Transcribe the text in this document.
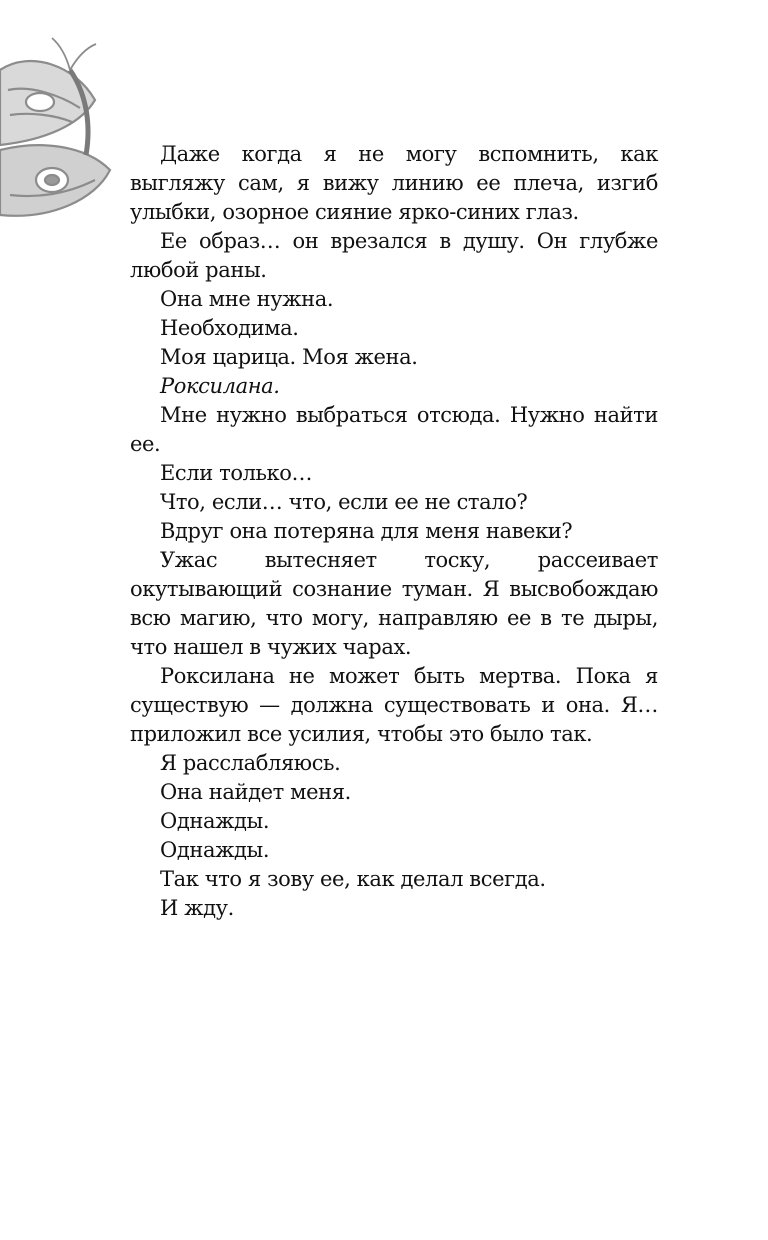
Даже когда я не могу вспомнить, как выгляжу сам, я вижу линию ее плеча, изгиб улыбки, озорное сияние ярко-синих глаз.

Ее образ… он врезался в душу. Он глубже любой раны.

Она мне нужна.

Необходима.

Моя царица. Моя жена.

Роксилана.

Мне нужно выбраться отсюда. Нужно найти ее.

Если только…

Что, если… что, если ее не стало?

Вдруг она потеряна для меня навеки?

Ужас вытесняет тоску, рассеивает окутывающий сознание туман. Я высвобождаю всю магию, что могу, направляю ее в те дыры, что нашел в чужих чарах.

Роксилана не может быть мертва. Пока я существую — должна существовать и она. Я… приложил все усилия, чтобы это было так.

Я расслабляюсь.

Она найдет меня.

Однажды.

Однажды.

Так что я зову ее, как делал всегда.

И жду.
